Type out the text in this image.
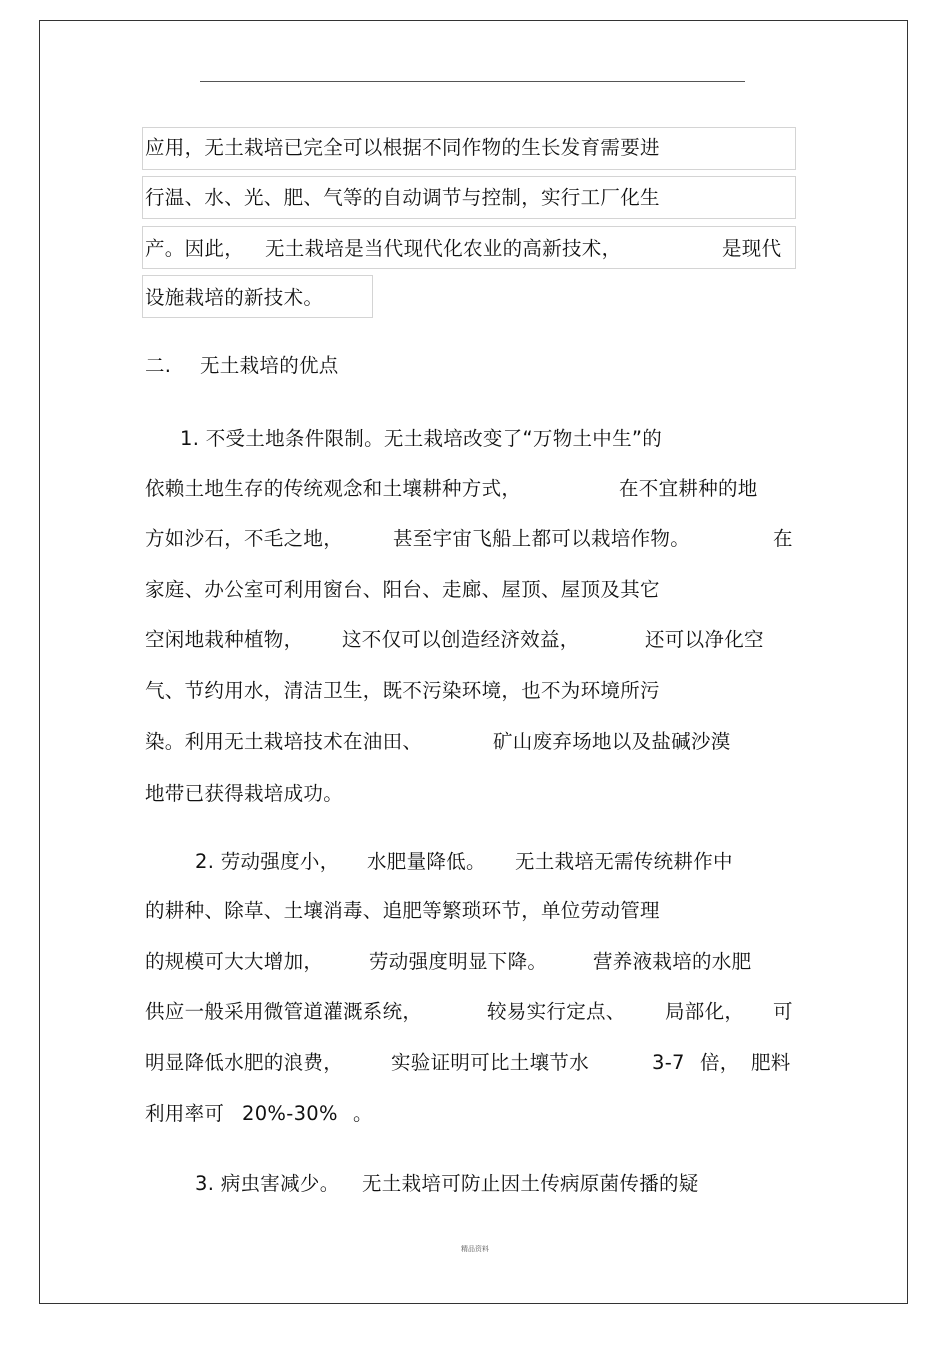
应用，无土栽培已完全可以根据不同作物的生长发育需要进
行温、水、光、肥、气等的自动调节与控制，实行工厂化生
产。因此， 无土栽培是当代现代化农业的高新技术，	是现代
设施栽培的新技术。
二. 无土栽培的优点
1. 不受土地条件限制。无土栽培改变了“万物土中生”的
依赖土地生存的传统观念和土壤耕种方式，	在不宜耕种的地
方如沙石，不毛之地，	甚至宇宙飞船上都可以栽培作物。	在
家庭、办公室可利用窗台、阳台、走廊、屋顶、屋顶及其它
空闲地栽种植物， 这不仅可以创造经济效益，	还可以净化空
气、节约用水，清洁卫生，既不污染环境，也不为环境所污
染。利用无土栽培技术在油田、	矿山废弃场地以及盐碱沙漠
地带已获得栽培成功。
2. 劳动强度小， 水肥量降低。 无土栽培无需传统耕作中
的耕种、除草、土壤消毒、追肥等繁琐环节，单位劳动管理
的规模可大大增加， 劳动强度明显下降。 营养液栽培的水肥
供应一般采用微管道灌溉系统，	较易实行定点、 局部化， 可
明显降低水肥的浪费， 实验证明可比土壤节水	3-7 倍， 肥料
利用率可 20%-30% 。
3. 病虫害减少。 无土栽培可防止因土传病原菌传播的疑
精品资料
